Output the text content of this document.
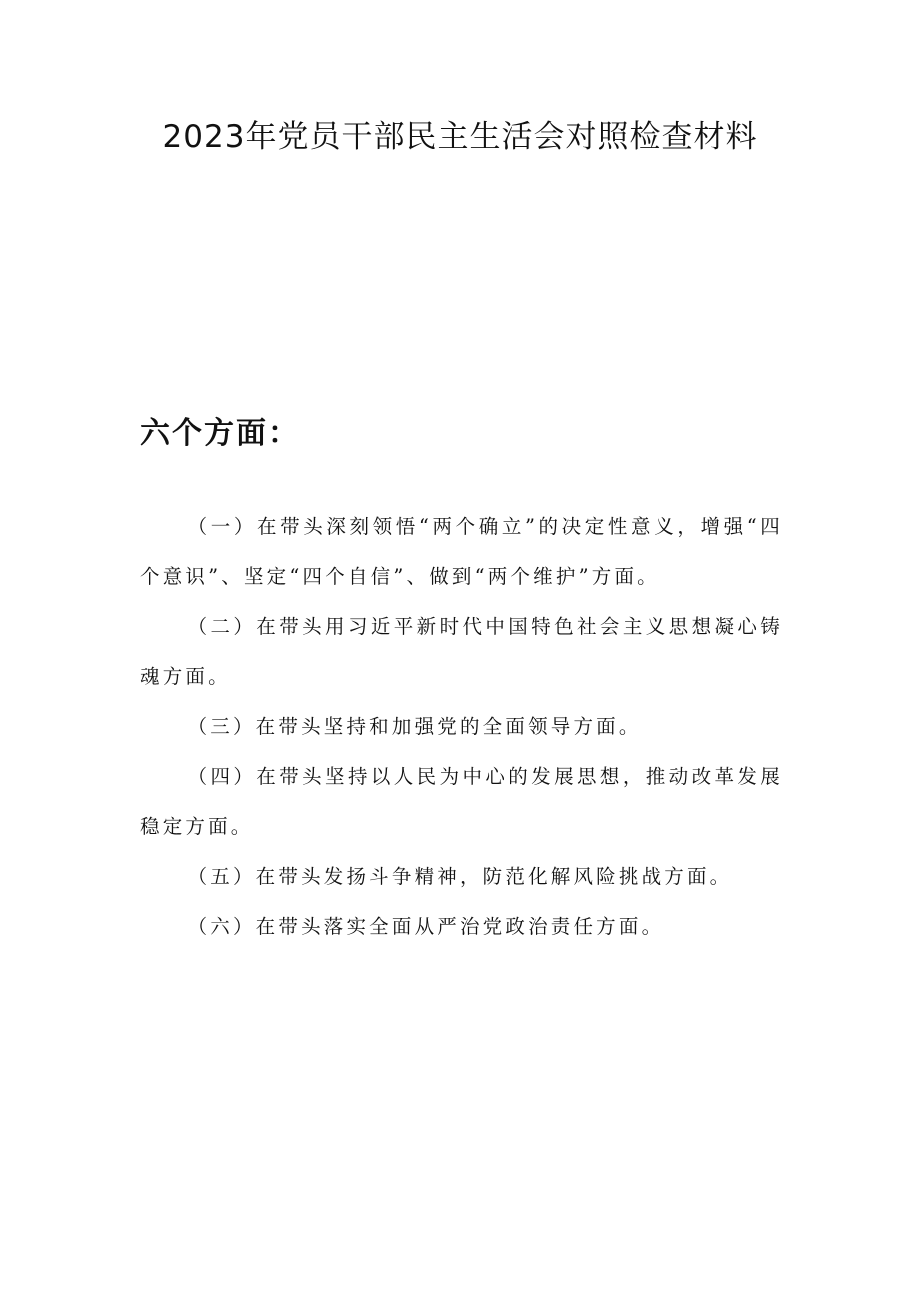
2023年党员干部民主生活会对照检查材料
六个方面：
（一）在带头深刻领悟“两个确立”的决定性意义，增强“四个意识”、坚定“四个自信”、做到“两个维护”方面。
（二）在带头用习近平新时代中国特色社会主义思想凝心铸魂方面。
（三）在带头坚持和加强党的全面领导方面。
（四）在带头坚持以人民为中心的发展思想，推动改革发展稳定方面。
（五）在带头发扬斗争精神，防范化解风险挑战方面。
（六）在带头落实全面从严治党政治责任方面。
